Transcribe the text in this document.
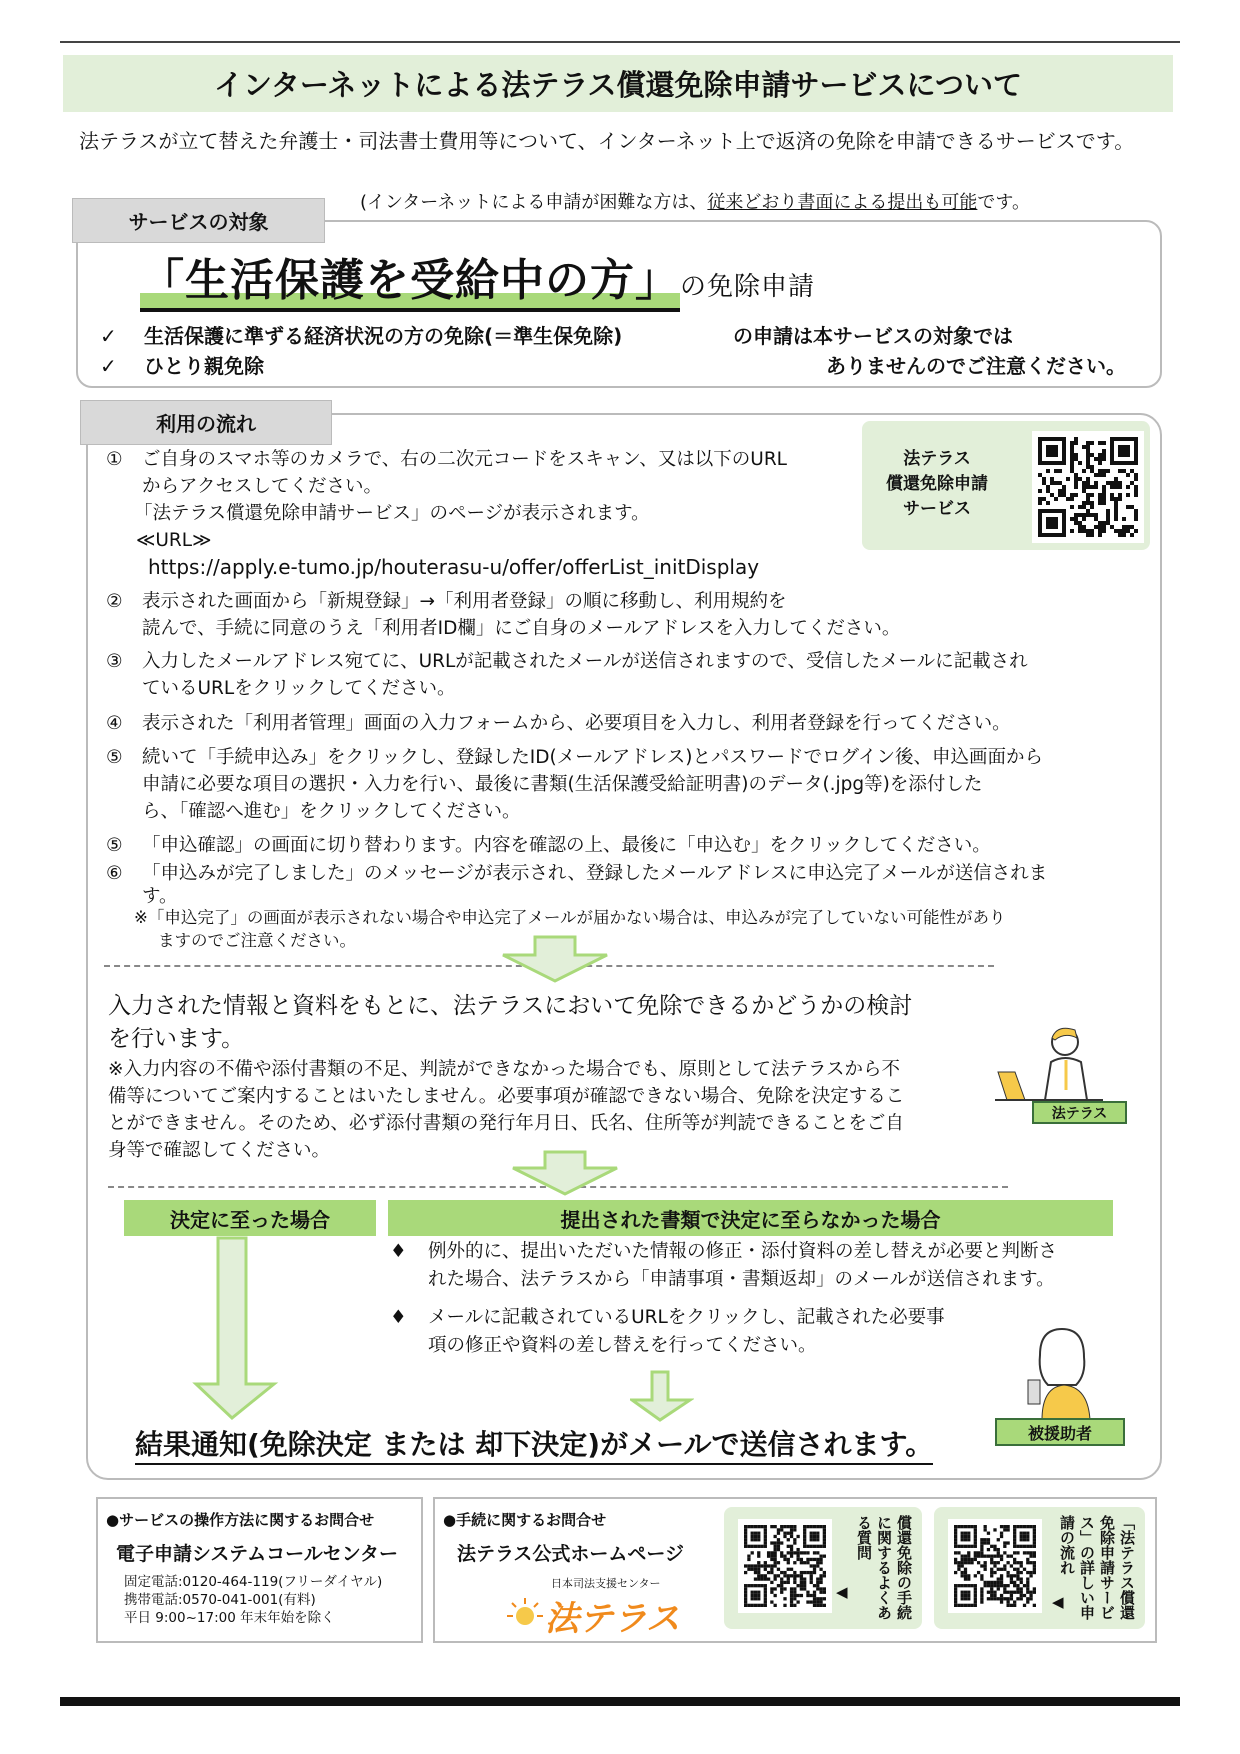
インターネットによる法テラス償還免除申請サービスについて
法テラスが立て替えた弁護士・司法書士費用等について、インターネット上で返済の免除を申請できるサービスです。
(インターネットによる申請が困難な方は、従来どおり書面による提出も可能です。
サービスの対象
「生活保護を受給中の方」の免除申請
✓ 生活保護に準ずる経済状況の方の免除(＝準生保免除)
✓ ひとり親免除
の申請は本サービスの対象では
ありませんのでご注意ください。
利用の流れ
法テラス
償還免除申請
サービス
① ご自身のスマホ等のカメラで、右の二次元コードをスキャン、又は以下のURL
からアクセスしてください。
「法テラス償還免除申請サービス」のページが表示されます。
≪URL≫
https://apply.e-tumo.jp/houterasu-u/offer/offerList_initDisplay
② 表示された画面から「新規登録」→「利用者登録」の順に移動し、利用規約を
読んで、手続に同意のうえ「利用者ID欄」にご自身のメールアドレスを入力してください。
③ 入力したメールアドレス宛てに、URLが記載されたメールが送信されますので、受信したメールに記載され
ているURLをクリックしてください。
④ 表示された「利用者管理」画面の入力フォームから、必要項目を入力し、利用者登録を行ってください。
⑤ 続いて「手続申込み」をクリックし、登録したID(メールアドレス)とパスワードでログイン後、申込画面から
申請に必要な項目の選択・入力を行い、最後に書類(生活保護受給証明書)のデータ(.jpg等)を添付した
ら、「確認へ進む」をクリックしてください。
⑤ 「申込確認」の画面に切り替わります。内容を確認の上、最後に「申込む」をクリックしてください。
⑥ 「申込みが完了しました」のメッセージが表示され、登録したメールアドレスに申込完了メールが送信されま
す。
※「申込完了」の画面が表示されない場合や申込完了メールが届かない場合は、申込みが完了していない可能性があり
ますのでご注意ください。
入力された情報と資料をもとに、法テラスにおいて免除できるかどうかの検討
を行います。
※入力内容の不備や添付書類の不足、判読ができなかった場合でも、原則として法テラスから不
備等についてご案内することはいたしません。必要事項が確認できない場合、免除を決定するこ
とができません。そのため、必ず添付書類の発行年月日、氏名、住所等が判読できることをご自
身等で確認してください。
法テラス
決定に至った場合	提出された書類で決定に至らなかった場合
♦	例外的に、提出いただいた情報の修正・添付資料の差し替えが必要と判断さ
れた場合、法テラスから「申請事項・書類返却」のメールが送信されます。
♦	メールに記載されているURLをクリックし、記載された必要事
項の修正や資料の差し替えを行ってください。
被援助者
結果通知(免除決定 または 却下決定)がメールで送信されます。
●サービスの操作方法に関するお問合せ
電子申請システムコールセンター
固定電話:0120-464-119(フリーダイヤル)
携帯電話:0570-041-001(有料)
平日 9:00~17:00 年末年始を除く
●手続に関するお問合せ
法テラス公式ホームページ
日本司法支援センター
法テラス	償還免除の手続に関するよくある質問
◀	「法テラス償還免除申請サービス」の詳しい申請の流れ
◀
